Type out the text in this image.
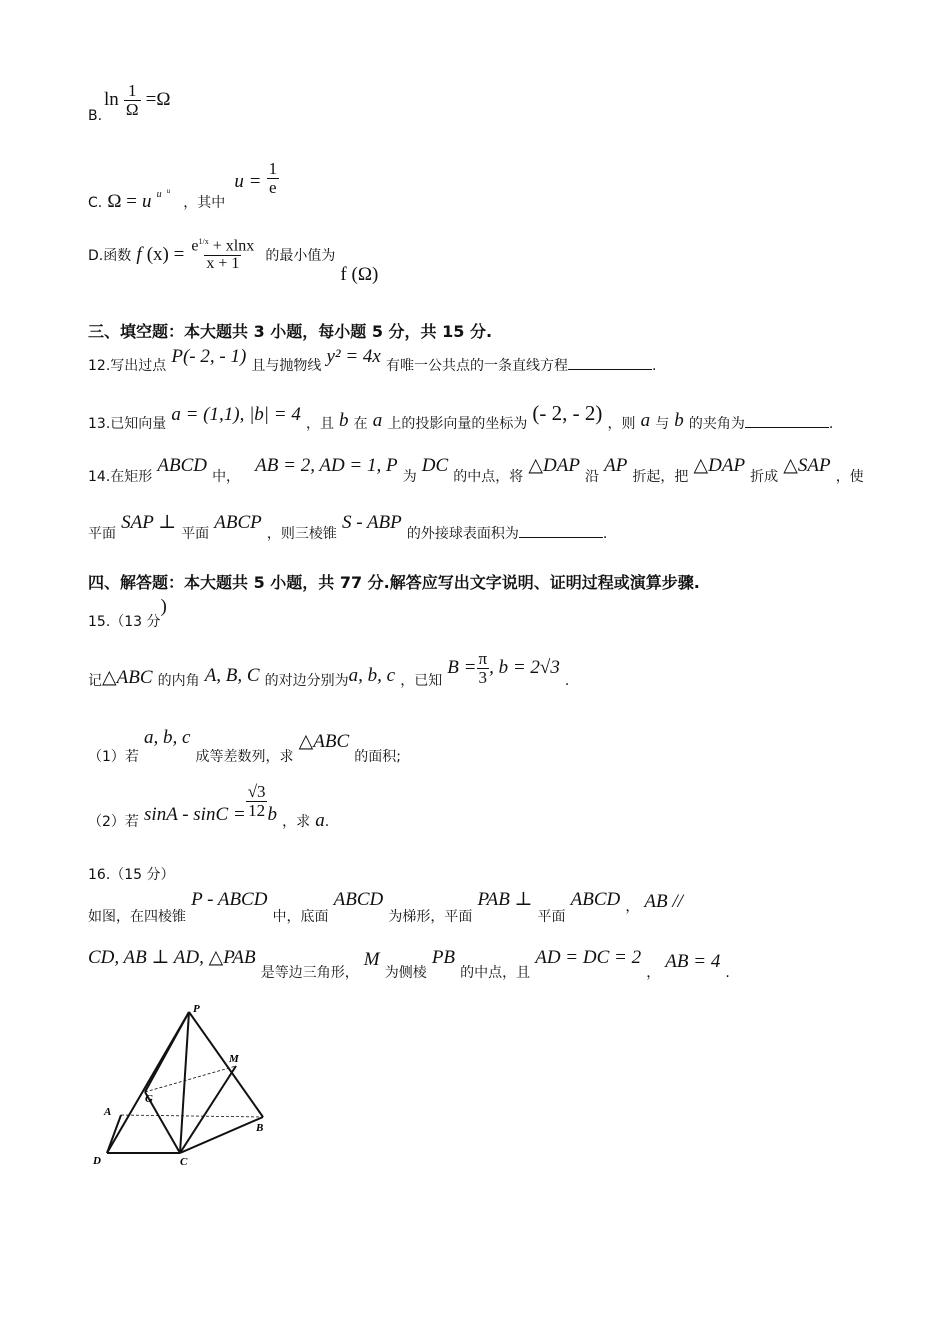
B.
$\ln \frac{1}{\Omega} =\Omega$
C. Ω = u $_u$ $_u$ ，其中 $u = \frac{1}{e}$
D.函数 f $(x) = \frac{e^{1/x} + xlnx}{x + 1}$ 的最小值为 f (Ω)
三、填空题：本大题共 3 小题，每小题 5 分，共 15 分.
12.写出过点 P(- 2, - 1) 且与抛物线 y² = 4x 有唯一公共点的一条直线方程	.
13.已知向量 a = (1,1), |b| = 4 ，且 b 在 a 上的投影向量的坐标为 (- 2, - 2) ，则 a 与 b 的夹角为	.
14.在矩形 ABCD 中， AB = 2, AD = 1, P 为 DC 的中点，将 △DAP 沿 AP 折起，把 △DAP 折成 △SAP ，使
平面 SAP ⊥ 平面 ABCP ，则三棱锥 S - ABP 的外接球表面积为	.
四、解答题：本大题共 5 小题，共 77 分.解答应写出文字说明、证明过程或演算步骤.
15.（13 分)
记△ABC 的内角 A, B, C 的对边分别为a, b, c ，已知 $B = \frac{\pi}{3}$ , b = 2√3 .
（1）若 a, b, c 成等差数列，求 △ABC 的面积;
（2）若 $\sin A - \sin C = \frac{√3}{12}$ b ，求 a.
16.（15 分）
如图，在四棱锥 P - ABCD 中，底面 ABCD 为梯形，平面 PAB ⊥ 平面 ABCD ， AB //
CD, AB ⊥ AD, △PAB 是等边三角形， M 为侧棱 PB 的中点，且 AD = DC = 2 ， AB = 4 .
P
M
G
A
B
D	C
